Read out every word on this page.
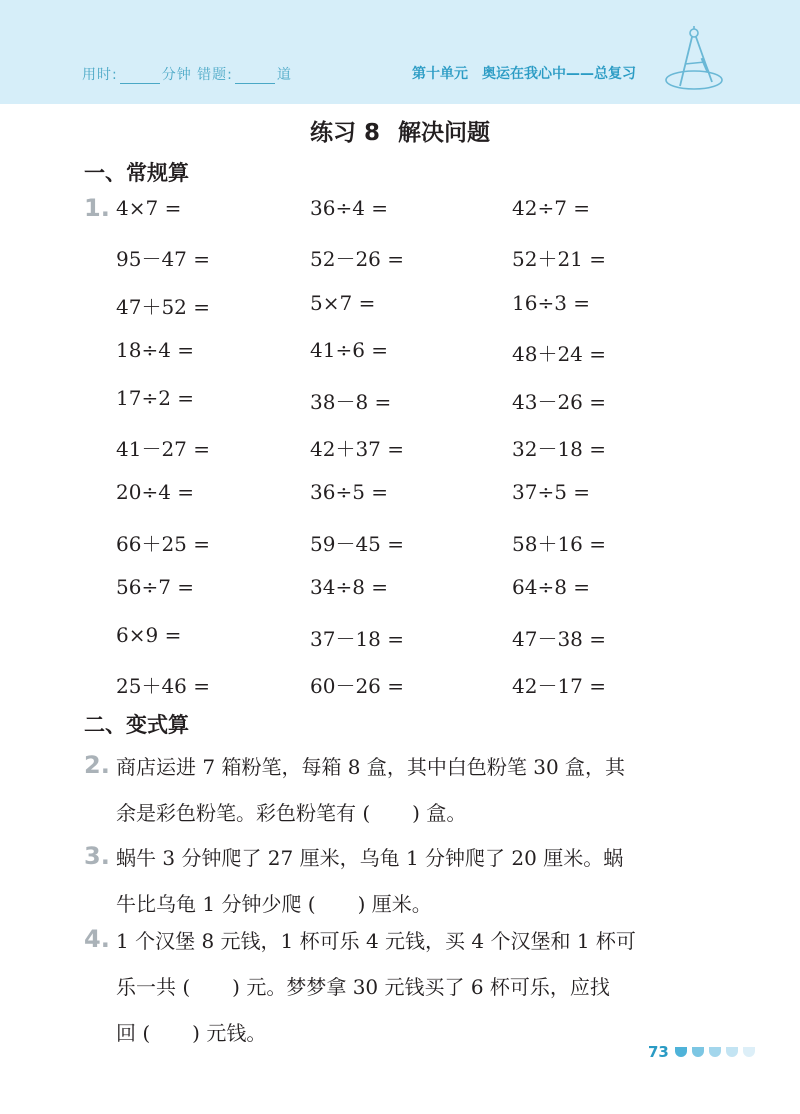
用时:	分钟 错题:	道	第十单元 奥运在我心中——总复习
练习 8 解决问题
一、常规算
1. 4×7 =	36÷4 =	42÷7 =
95－47 =	52－26 =	52＋21 =
47＋52 =	5×7 =	16÷3 =
18÷4 =	41÷6 =	48＋24 =
17÷2 =	38－8 =	43－26 =
41－27 =	42＋37 =	32－18 =
20÷4 =	36÷5 =	37÷5 =
66＋25 =	59－45 =	58＋16 =
56÷7 =	34÷8 =	64÷8 =
6×9 =	37－18 =	47－38 =
25＋46 =	60－26 =	42－17 =
二、变式算
2. 商店运进 7 箱粉笔，每箱 8 盒，其中白色粉笔 30 盒，其
余是彩色粉笔。彩色粉笔有 ( ) 盒。
3. 蜗牛 3 分钟爬了 27 厘米，乌龟 1 分钟爬了 20 厘米。蜗
牛比乌龟 1 分钟少爬 ( ) 厘米。
4. 1 个汉堡 8 元钱，1 杯可乐 4 元钱，买 4 个汉堡和 1 杯可
乐一共 ( ) 元。梦梦拿 30 元钱买了 6 杯可乐，应找
回 ( ) 元钱。
73
